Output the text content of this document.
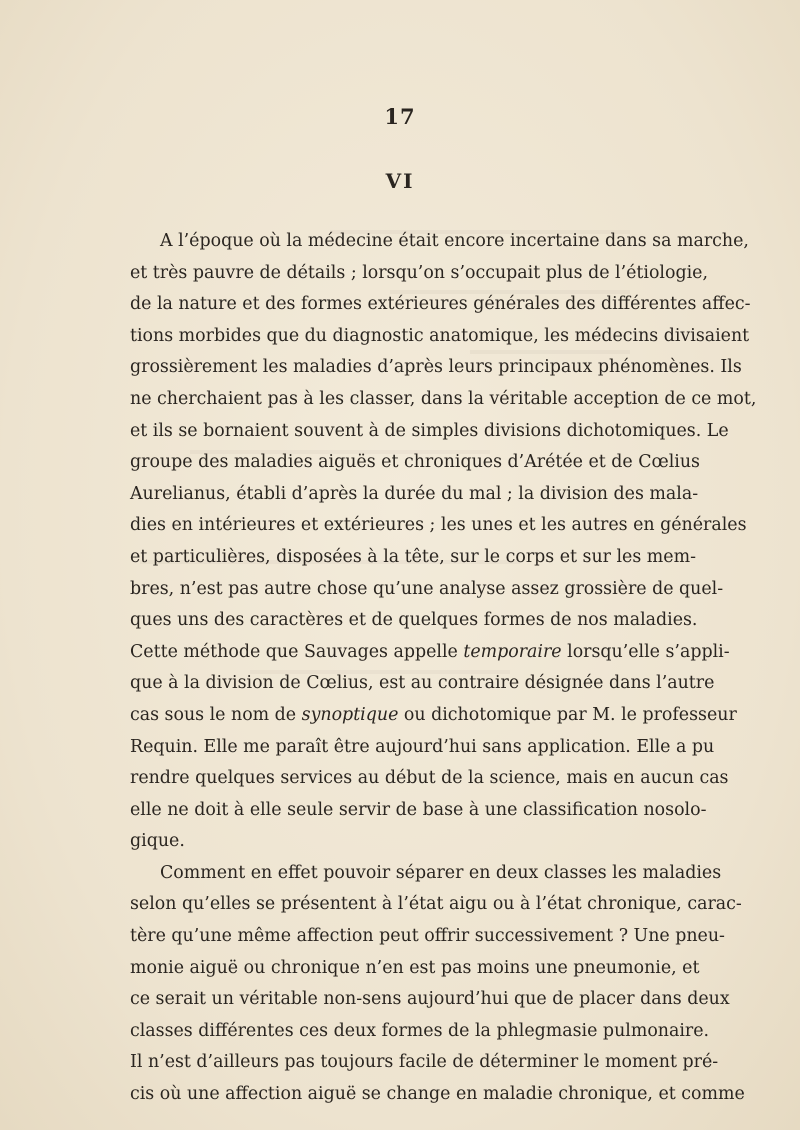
17
VI
A l’époque où la médecine était encore incertaine dans sa marche,
et très pauvre de détails ; lorsqu’on s’occupait plus de l’étiologie,
de la nature et des formes extérieures générales des différentes affec-
tions morbides que du diagnostic anatomique, les médecins divisaient
grossièrement les maladies d’après leurs principaux phénomènes. Ils
ne cherchaient pas à les classer, dans la véritable acception de ce mot,
et ils se bornaient souvent à de simples divisions dichotomiques. Le
groupe des maladies aiguës et chroniques d’Arétée et de Cœlius
Aurelianus, établi d’après la durée du mal ; la division des mala-
dies en intérieures et extérieures ; les unes et les autres en générales
et particulières, disposées à la tête, sur le corps et sur les mem-
bres, n’est pas autre chose qu’une analyse assez grossière de quel-
ques uns des caractères et de quelques formes de nos maladies.
Cette méthode que Sauvages appelle temporaire lorsqu’elle s’appli-
que à la division de Cœlius, est au contraire désignée dans l’autre
cas sous le nom de synoptique ou dichotomique par M. le professeur
Requin. Elle me paraît être aujourd’hui sans application. Elle a pu
rendre quelques services au début de la science, mais en aucun cas
elle ne doit à elle seule servir de base à une classification nosolo-
gique.
Comment en effet pouvoir séparer en deux classes les maladies
selon qu’elles se présentent à l’état aigu ou à l’état chronique, carac-
tère qu’une même affection peut offrir successivement ? Une pneu-
monie aiguë ou chronique n’en est pas moins une pneumonie, et
ce serait un véritable non-sens aujourd’hui que de placer dans deux
classes différentes ces deux formes de la phlegmasie pulmonaire.
Il n’est d’ailleurs pas toujours facile de déterminer le moment pré-
cis où une affection aiguë se change en maladie chronique, et comme
